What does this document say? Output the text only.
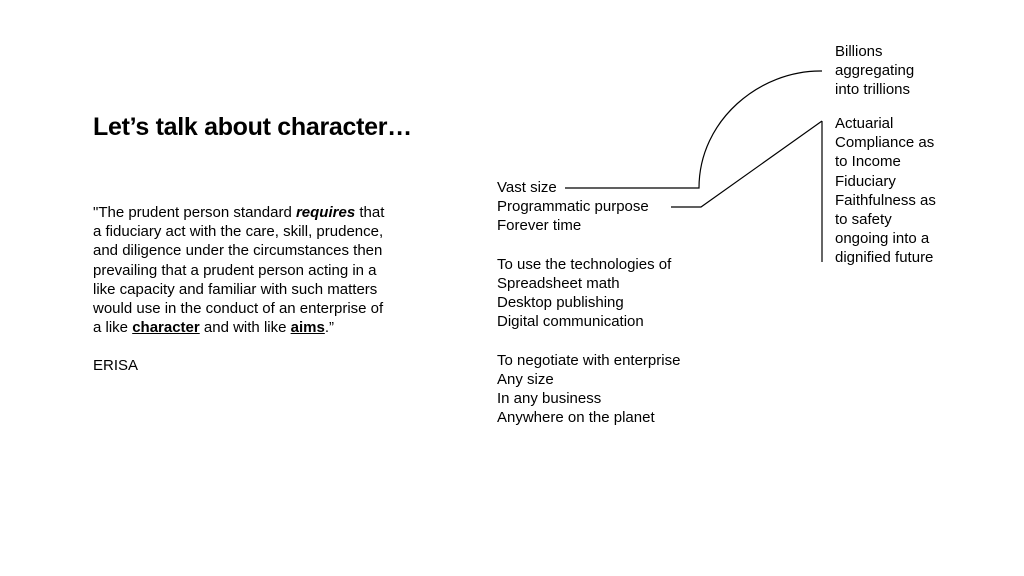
Let’s talk about character…
"The prudent person standard requires that
a fiduciary act with the care, skill, prudence,
and diligence under the circumstances then
prevailing that a prudent person acting in a
like capacity and familiar with such matters
would use in the conduct of an enterprise of
a like character and with like aims.”
ERISA
Vast size
Programmatic purpose
Forever time
To use the technologies of
Spreadsheet math
Desktop publishing
Digital communication
To negotiate with enterprise
Any size
In any business
Anywhere on the planet
Billions
aggregating
into trillions
Actuarial
Compliance as
to Income
Fiduciary
Faithfulness as
to safety
ongoing into a
dignified future
